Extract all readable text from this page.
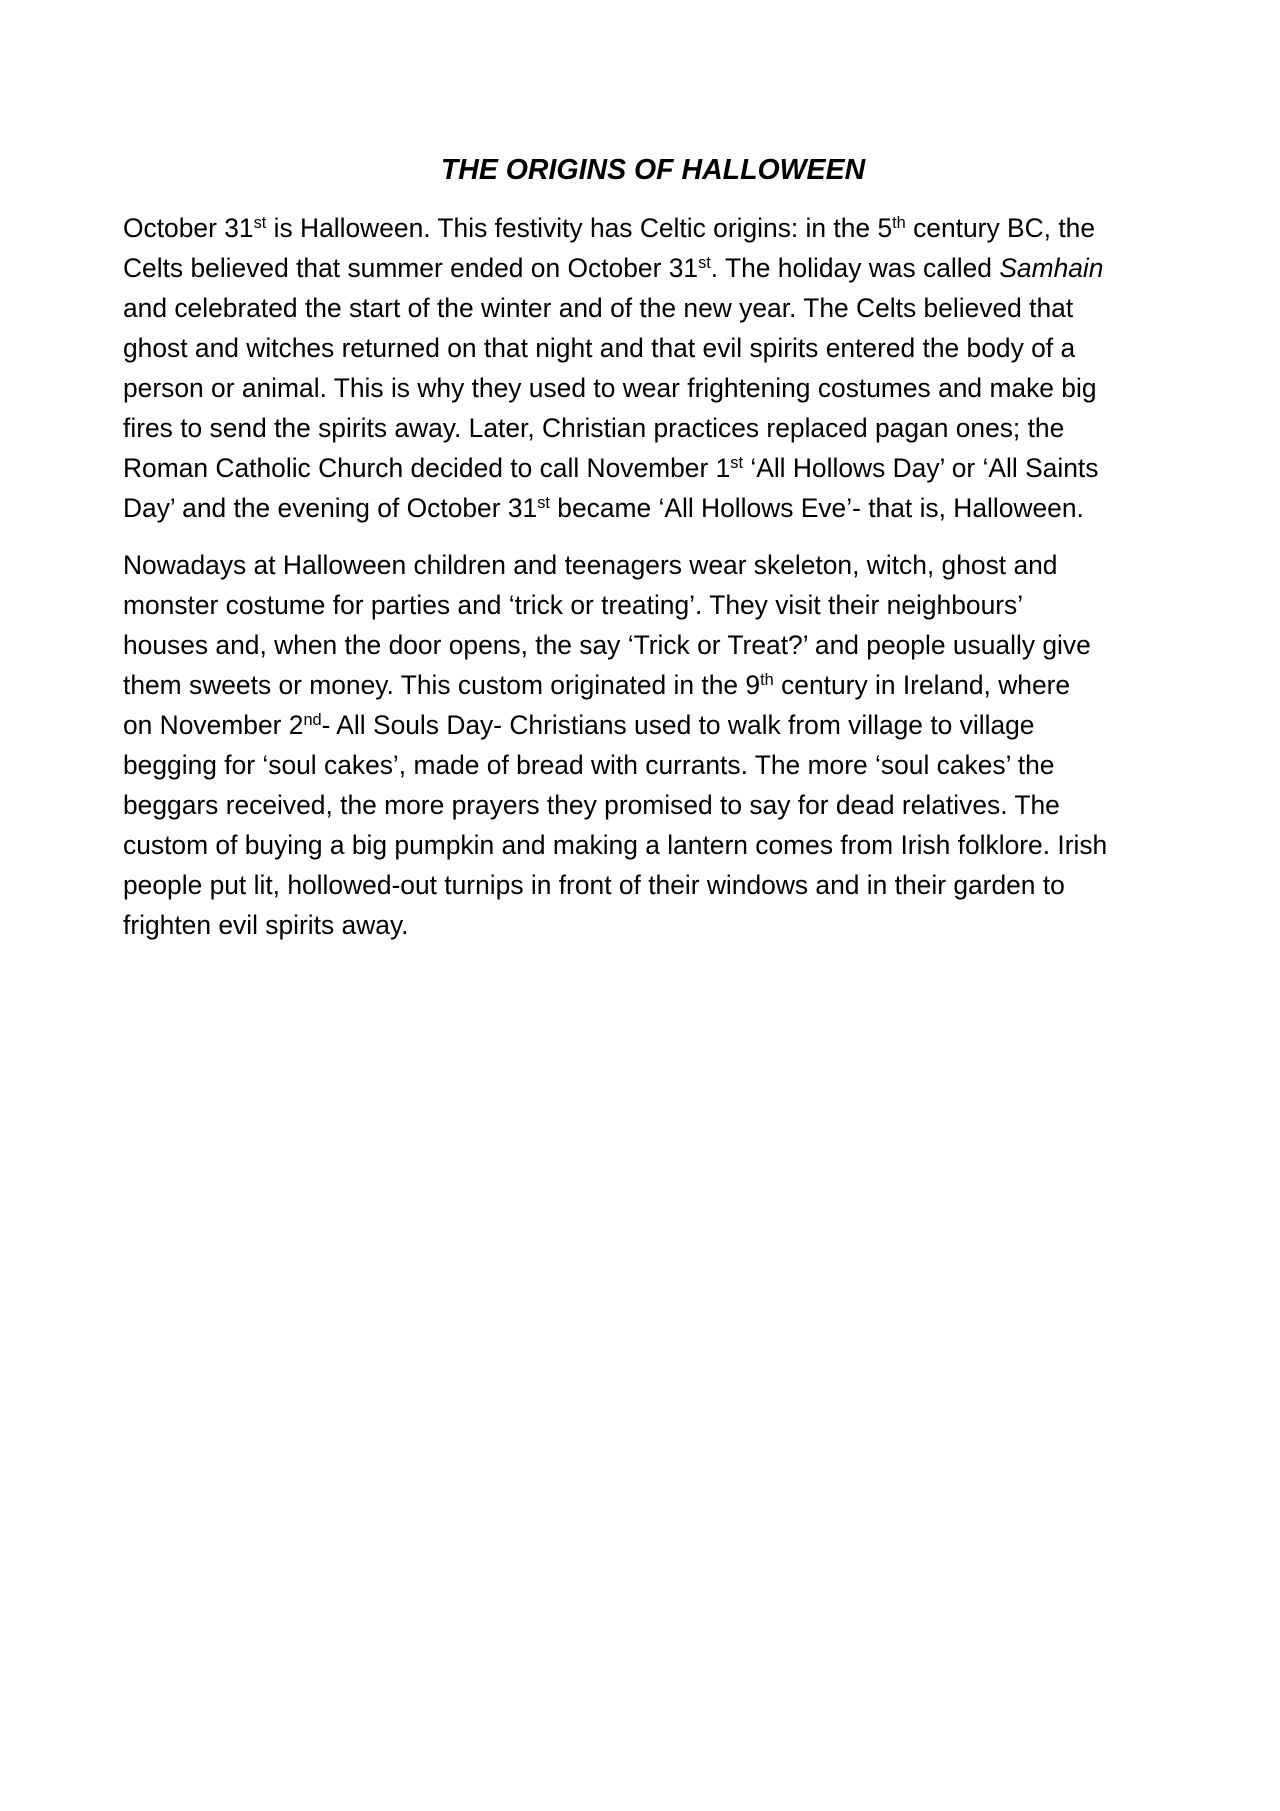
THE ORIGINS OF HALLOWEEN

October 31st is Halloween. This festivity has Celtic origins: in the 5th century BC, the
Celts believed that summer ended on October 31st. The holiday was called Samhain
and celebrated the start of the winter and of the new year. The Celts believed that
ghost and witches returned on that night and that evil spirits entered the body of a
person or animal. This is why they used to wear frightening costumes and make big
fires to send the spirits away. Later, Christian practices replaced pagan ones; the
Roman Catholic Church decided to call November 1st ‘All Hollows Day’ or ‘All Saints
Day’ and the evening of October 31st became ‘All Hollows Eve’- that is, Halloween.

Nowadays at Halloween children and teenagers wear skeleton, witch, ghost and
monster costume for parties and ‘trick or treating’. They visit their neighbours’
houses and, when the door opens, the say ‘Trick or Treat?’ and people usually give
them sweets or money. This custom originated in the 9th century in Ireland, where
on November 2nd- All Souls Day- Christians used to walk from village to village
begging for ‘soul cakes’, made of bread with currants. The more ‘soul cakes’ the
beggars received, the more prayers they promised to say for dead relatives. The
custom of buying a big pumpkin and making a lantern comes from Irish folklore. Irish
people put lit, hollowed-out turnips in front of their windows and in their garden to
frighten evil spirits away.
